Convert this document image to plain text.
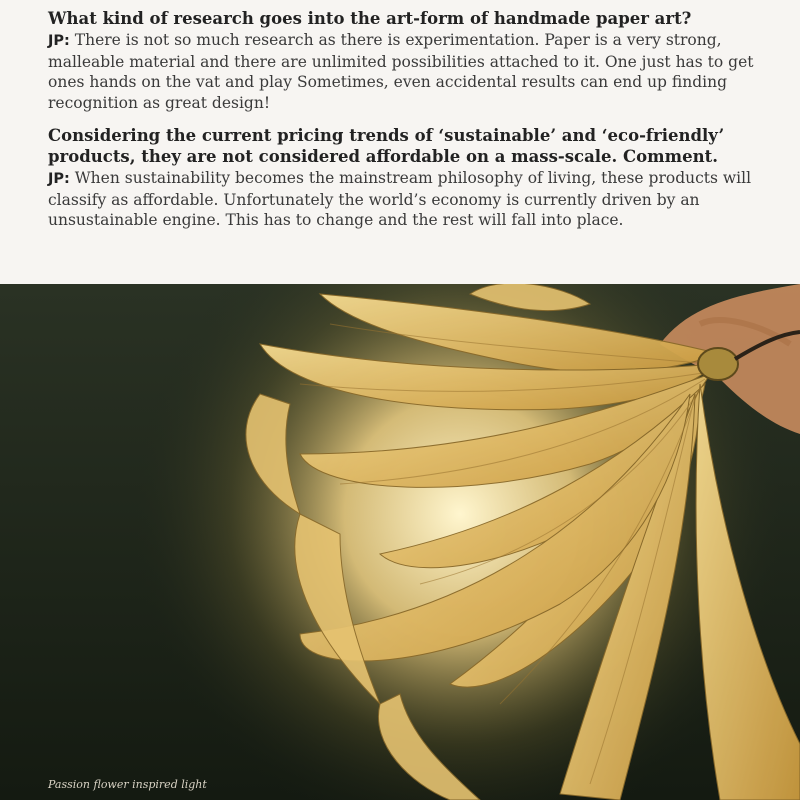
What kind of research goes into the art-form of handmade paper art?

JP: There is not so much research as there is experimentation. Paper is a very strong, malleable material and there are unlimited possibilities attached to it. One just has to get ones hands on the vat and play Sometimes, even accidental results can end up finding recognition as great design!

Considering the current pricing trends of ‘sustainable’ and ‘eco-friendly’ products, they are not considered affordable on a mass-scale. Comment.

JP: When sustainability becomes the mainstream philosophy of living, these products will classify as affordable. Unfortunately the world’s economy is currently driven by an unsustainable engine. This has to change and the rest will fall into place.

Passion flower inspired light
